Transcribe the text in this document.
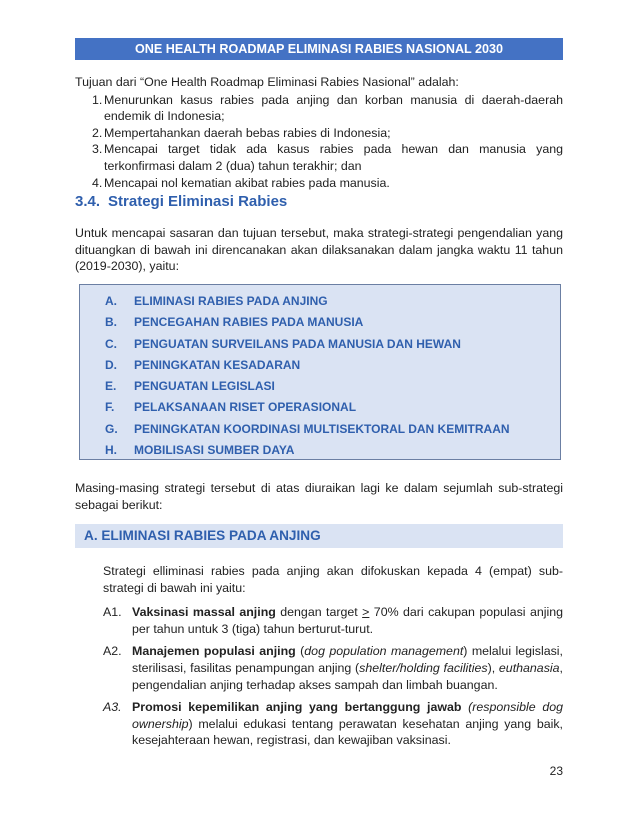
ONE HEALTH ROADMAP ELIMINASI RABIES NASIONAL 2030
Tujuan dari “One Health Roadmap Eliminasi Rabies Nasional” adalah:
1. Menurunkan kasus rabies pada anjing dan korban manusia di daerah-daerah endemik di Indonesia;
2. Mempertahankan daerah bebas rabies di Indonesia;
3. Mencapai target tidak ada kasus rabies pada hewan dan manusia yang terkonfirmasi dalam 2 (dua) tahun terakhir; dan
4. Mencapai nol kematian akibat rabies pada manusia.
3.4. Strategi Eliminasi Rabies

Untuk mencapai sasaran dan tujuan tersebut, maka strategi-strategi pengendalian yang dituangkan di bawah ini direncanakan akan dilaksanakan dalam jangka waktu 11 tahun (2019-2030), yaitu:

A. ELIMINASI RABIES PADA ANJING
B. PENCEGAHAN RABIES PADA MANUSIA
C. PENGUATAN SURVEILANS PADA MANUSIA DAN HEWAN
D. PENINGKATAN KESADARAN
E. PENGUATAN LEGISLASI
F. PELAKSANAAN RISET OPERASIONAL
G. PENINGKATAN KOORDINASI MULTISEKTORAL DAN KEMITRAAN
H. MOBILISASI SUMBER DAYA

Masing-masing strategi tersebut di atas diuraikan lagi ke dalam sejumlah sub-strategi sebagai berikut:

A. ELIMINASI RABIES PADA ANJING

Strategi elliminasi rabies pada anjing akan difokuskan kepada 4 (empat) sub-strategi di bawah ini yaitu:

A1. Vaksinasi massal anjing dengan target > 70% dari cakupan populasi anjing per tahun untuk 3 (tiga) tahun berturut-turut.
A2. Manajemen populasi anjing (dog population management) melalui legislasi, sterilisasi, fasilitas penampungan anjing (shelter/holding facilities), euthanasia, pengendalian anjing terhadap akses sampah dan limbah buangan.
A3. Promosi kepemilikan anjing yang bertanggung jawab (responsible dog ownership) melalui edukasi tentang perawatan kesehatan anjing yang baik, kesejahteraan hewan, registrasi, dan kewajiban vaksinasi.
23
